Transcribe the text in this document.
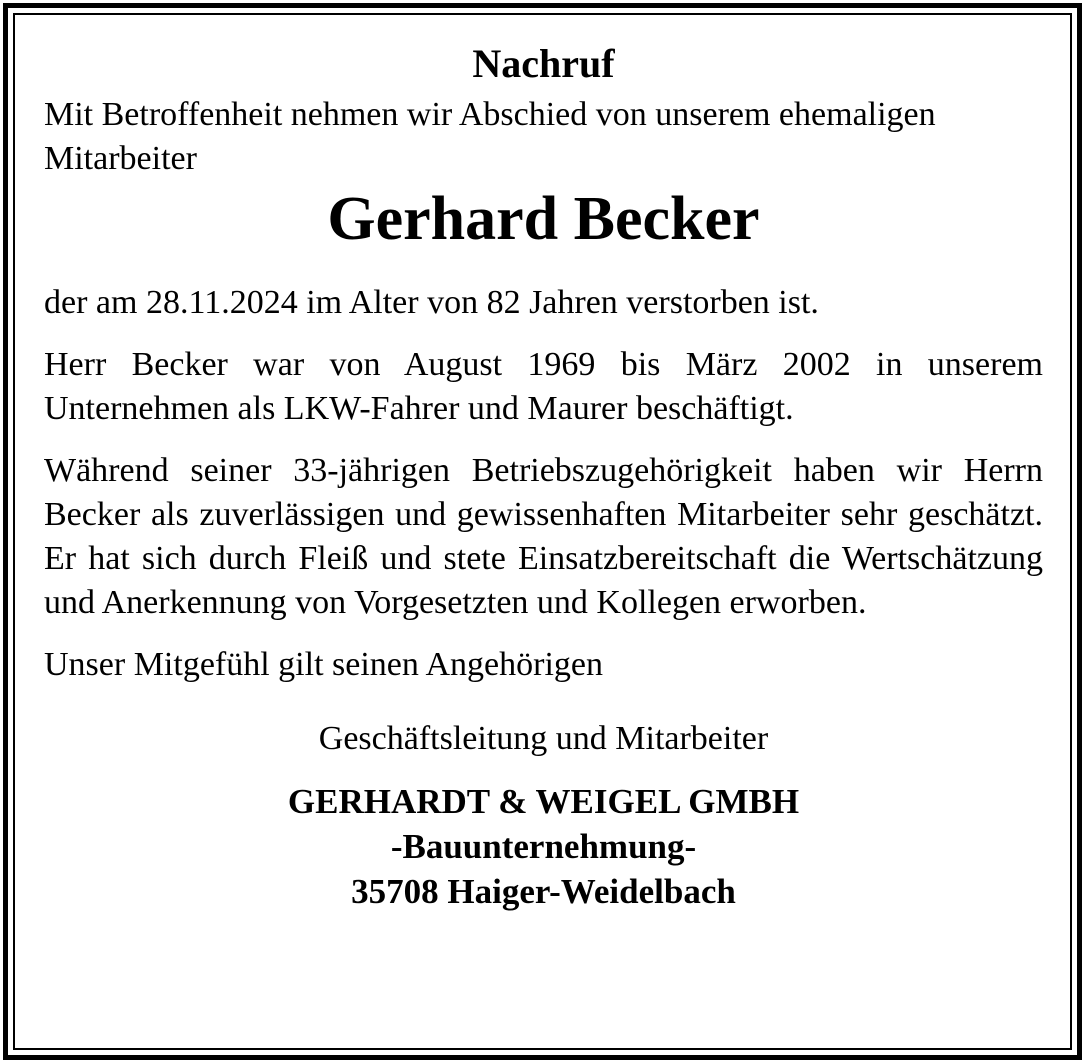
Nachruf

Mit Betroffenheit nehmen wir Abschied von unserem ehemaligen Mitarbeiter

Gerhard Becker

der am 28.11.2024 im Alter von 82 Jahren verstorben ist.

Herr Becker war von August 1969 bis März 2002 in unserem Unternehmen als LKW-Fahrer und Maurer beschäftigt.

Während seiner 33-jährigen Betriebszugehörigkeit haben wir Herrn Becker als zuverlässigen und gewissenhaften Mitarbeiter sehr geschätzt. Er hat sich durch Fleiß und stete Einsatzbereitschaft die Wertschätzung und Anerkennung von Vorgesetzten und Kollegen erworben.

Unser Mitgefühl gilt seinen Angehörigen

Geschäftsleitung und Mitarbeiter

GERHARDT & WEIGEL GMBH
-Bauunternehmung-
35708 Haiger-Weidelbach
